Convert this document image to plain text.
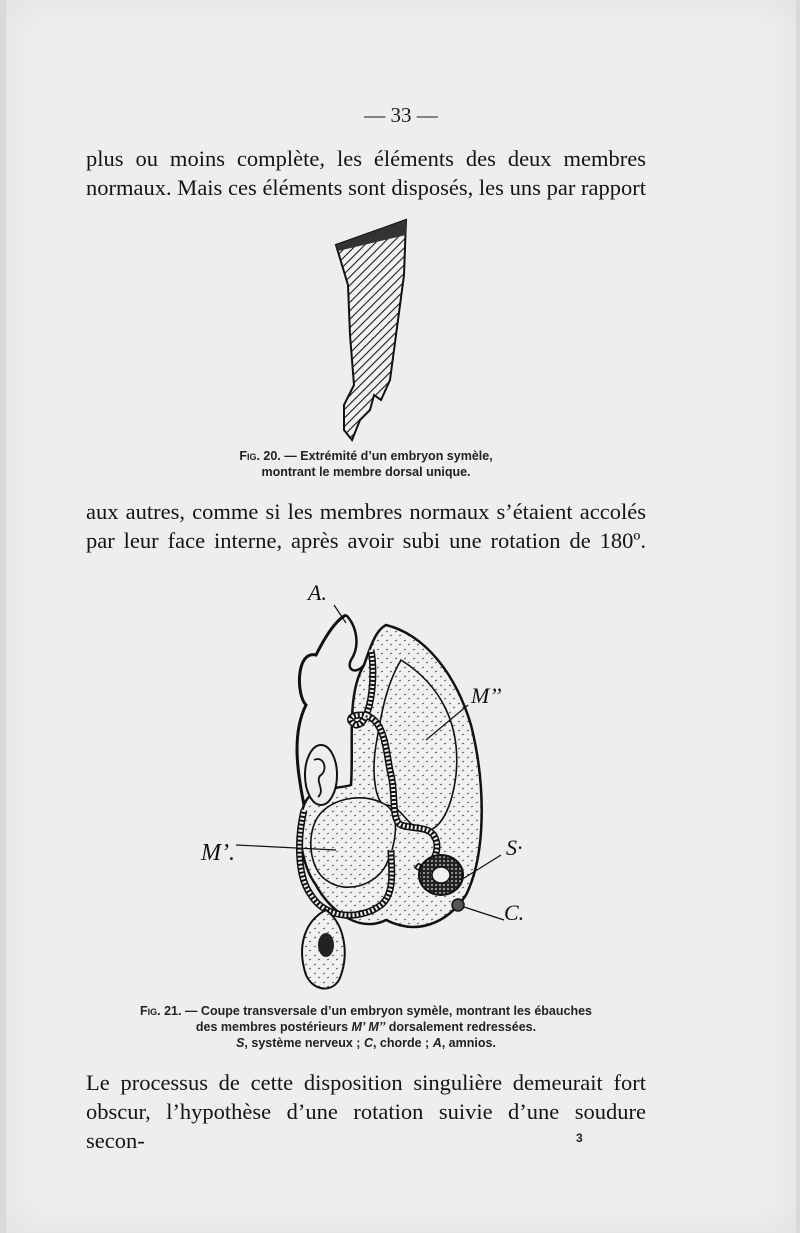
— 33 —

plus ou moins complète, les éléments des deux membres normaux. Mais ces éléments sont disposés, les uns par rapport

Fig. 20. — Extrémité d’un embryon symèle,
montrant le membre dorsal unique.

aux autres, comme si les membres normaux s’étaient accolés par leur face interne, après avoir subi une rotation de 180º.

A.
M’’
M’.	S·
C.
Fig. 21. — Coupe transversale d’un embryon symèle, montrant les ébauches
des membres postérieurs M’ M’’ dorsalement redressées.
S, système nerveux ; C, chorde ; A, amnios.

Le processus de cette disposition singulière demeurait fort obscur, l’hypothèse d’une rotation suivie d’une soudure secon-	3
